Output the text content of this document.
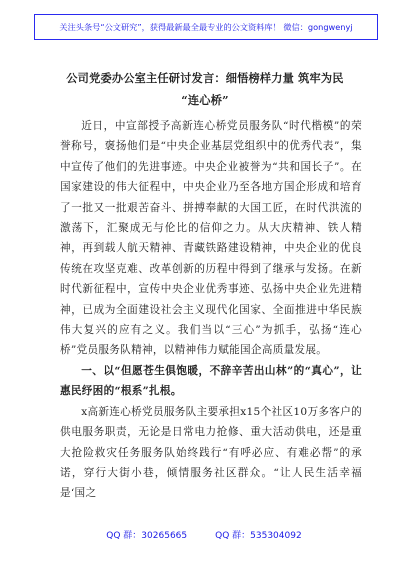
关注头条号“公文研究”，获得最新最全最专业的公文资料库！ 微信：gongwenyj
公司党委办公室主任研讨发言：细悟榜样力量 筑牢为民
“连心桥”

近日，中宣部授予高新连心桥党员服务队“时代楷模”的荣誉称号，褒扬他们是“中央企业基层党组织中的优秀代表”，集中宣传了他们的先进事迹。中央企业被誉为“共和国长子”。在国家建设的伟大征程中，中央企业乃至各地方国企形成和培育了一批又一批艰苦奋斗、拼搏奉献的大国工匠，在时代洪流的激荡下，汇聚成无与伦比的信仰之力。从大庆精神、铁人精神，再到载人航天精神、青藏铁路建设精神，中央企业的优良传统在攻坚克难、改革创新的历程中得到了继承与发扬。在新时代新征程中，宣传中央企业优秀事迹、弘扬中央企业先进精神，已成为全面建设社会主义现代化国家、全面推进中华民族伟大复兴的应有之义。我们当以“三心”为抓手，弘扬“连心桥”党员服务队精神，以精神伟力赋能国企高质量发展。

一、以“但愿苍生俱饱暖，不辞辛苦出山林”的“真心”，让惠民纾困的“根系”扎根。

x高新连心桥党员服务队主要承担x15个社区10万多客户的供电服务职责，无论是日常电力抢修、重大活动供电，还是重大抢险救灾任务服务队始终践行“有呼必应、有难必帮”的承诺，穿行大街小巷，倾情服务社区群众。“让人民生活幸福是‘国之

QQ 群：30265665	QQ 群：535304092
